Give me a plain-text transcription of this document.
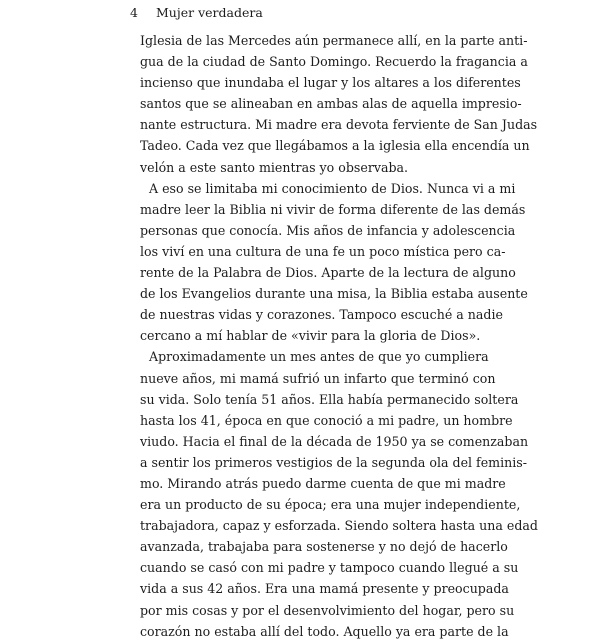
4 Mujer verdadera
Iglesia de las Mercedes aún permanece allí, en la parte anti-
gua de la ciudad de Santo Domingo. Recuerdo la fragancia a
incienso que inundaba el lugar y los altares a los diferentes
santos que se alineaban en ambas alas de aquella impresio-
nante estructura. Mi madre era devota ferviente de San Judas
Tadeo. Cada vez que llegábamos a la iglesia ella encendía un
velón a este santo mientras yo observaba.
A eso se limitaba mi conocimiento de Dios. Nunca vi a mi
madre leer la Biblia ni vivir de forma diferente de las demás
personas que conocía. Mis años de infancia y adolescencia
los viví en una cultura de una fe un poco mística pero ca-
rente de la Palabra de Dios. Aparte de la lectura de alguno
de los Evangelios durante una misa, la Biblia estaba ausente
de nuestras vidas y corazones. Tampoco escuché a nadie
cercano a mí hablar de «vivir para la gloria de Dios».
Aproximadamente un mes antes de que yo cumpliera
nueve años, mi mamá sufrió un infarto que terminó con
su vida. Solo tenía 51 años. Ella había permanecido soltera
hasta los 41, época en que conoció a mi padre, un hombre
viudo. Hacia el final de la década de 1950 ya se comenzaban
a sentir los primeros vestigios de la segunda ola del feminis-
mo. Mirando atrás puedo darme cuenta de que mi madre
era un producto de su época; era una mujer independiente,
trabajadora, capaz y esforzada. Siendo soltera hasta una edad
avanzada, trabajaba para sostenerse y no dejó de hacerlo
cuando se casó con mi padre y tampoco cuando llegué a su
vida a sus 42 años. Era una mamá presente y preocupada
por mis cosas y por el desenvolvimiento del hogar, pero su
corazón no estaba allí del todo. Aquello ya era parte de la
